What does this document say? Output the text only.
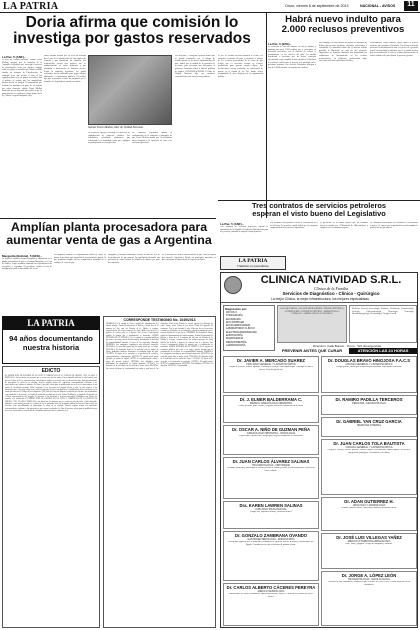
LA PATRIA	Oruro, viernes 6 de septiembre de 2013	NACIONAL - AVISOS	11
Doria afirma que comisión lo
investiga por gastos reservados
La Paz, 5 (ANF).-
El líder de Unidad Nacional, Samuel Doria Medina, aseguró que la comisión de la Asamblea Legislativa que investiga el proceso de privatización tiene por objetivo indagar sobre los gastos reservados que habría recibido cuando fue ministro de Planificación. La comisión tiene que revisar el caso de las capitalizaciones y no de gastos reservados, dijo el político al señalar que los asambleístas buscan afectar su imagen. El sobresueldo que recibían los ministros era parte de un sistema que todos conocían, añadió. Doria Medina manifestó que no hay nada que ocultar y que su participación en el gobierno estuvo dentro de la ley. Vamos a seguir trabajando, dijo.
Samuel Doria Medina, líder de Unidad Nacional.
Doria Medina recordó que en 2006 fue acusado por el caso de la privatización de una empresa de cemento y que finalmente fue absuelto. Los sobresueldos fueron una práctica que se institucionalizó en varios gobiernos y que alcanzaba a funcionarios de distintos niveles. Según la comisión legislativa, los gastos reservados fueron utilizados para pagar salarios adicionales a funcionarios públicos. El político dijo que responderá a todas las preguntas que le formulen los legisladores cuando sea citado.
La comisión especial investiga los procesos de capitalización de empresas estatales. Los legisladores oficialistas anunciaron que convocarán a ex autoridades para que expliquen su participación en esos procesos.
La Asamblea Legislativa aprobó la conformación de la comisión a principios de año. Doria Medina señaló que el oficialismo busca desgastar a la oposición de cara a las elecciones generales.
Por otra parte, el dirigente opositor afirmó que su partido continuará con el trabajo de fortalecimiento en los nueve departamentos del país. Indicó que la unidad de la oposición es necesaria para presentar una alternativa al gobierno. Asimismo criticó la falta de políticas de empleo. CONVERSACIONES. El líder de Unidad Nacional dijo que mantiene conversaciones con otras fuerzas políticas.
El jefe de Unidad Nacional también se refirió a la situación económica del país y cuestionó el manejo de los recursos provenientes de la venta de gas. Señaló que es necesario invertir en sectores productivos para generar empleo digno. Las declaraciones fueron realizadas en conferencia de prensa en la ciudad de La Paz, donde estuvo acompañado de otros dirigentes de su organización política.
Habrá nuevo indulto para
2.000 reclusos preventivos
La Paz, 5 (EFE).-
El Gobierno de Bolivia anunció un nuevo indulto y amnistía para unos 2.000 reclusos que se encuentran en detención preventiva, con el objetivo de reducir el hacinamiento en las cárceles del país. La medida beneficiará a personas que no tienen sentencia ejecutoriada y que cumplan ciertos requisitos. El ministro de Gobierno explicó que el decreto será aprobado en las próximas semanas. Las cárceles bolivianas albergan a más de 14.000 internos, la mayoría sin condena.
Sin embargo, los beneficiarios no podrán ser acusados de delitos graves como asesinato, violación, narcotráfico o corrupción. La autoridad señaló que el anterior indulto permitió la liberación de más de mil personas. Organismos de derechos humanos han denunciado las condiciones de hacinamiento en los recintos penitenciarios. La población penitenciaria sigue creciendo cada año según datos oficiales.
Gobernadores, Carlos Romero, quien explicó el decreto supremo que otorgaba el beneficio. Los reclusos deberán presentar la documentación ante los jueces de ejecución penal. Las autoridades indicaron que se ejecutará un plan para la construcción de nuevos centros penitenciarios en varias ciudades del país durante la presente gestión.
Tres contratos de servicios petroleros
esperan el visto bueno del Legislativo
La Paz, 5 (ANF).-
Tres contratos de servicios petroleros esperan la aprobación de la Asamblea Legislativa Plurinacional para su ejecución, informó la empresa estatal petrolera.
Los contratos corresponden a áreas de exploración en el sur del país. La petrolera estatal indicó que las empresas comprometieron inversiones importantes.
El presidente de la estatal explicó que los contratos fueron revisados por el Ministerio de Hidrocarburos y cumplen con la normativa vigente.
La Asamblea deberá tratar los contratos en las próximas sesiones. Se espera que la aprobación permita ampliar la producción de gas natural.
LA PATRIA
Tradición en periodismo
Amplían planta procesadora para
aumentar venta de gas a Argentina
Margarita (Bolivia), 5 (EFE).-
La petrolera española Repsol inauguró la ampliación de la planta procesadora de gas en el campo Margarita, en el sur de Bolivia, lo que permitirá aumentar las exportaciones del energético a Argentina. El presidente asistió al acto de inauguración junto a autoridades del sector.
de Margarita, situado en el departamento sureño de Tarija. La planta tiene ahora una capacidad de procesamiento mayor, lo que permitirá cumplir con los compromisos asumidos en el contrato de venta de gas.
Margarita y Huacaya contribuyen al tener de más del 30% de la producción de gas natural. La ampliación demandó una inversión de varios cientos de millones de dólares por parte del consorcio.
en 32 millones de metros cúbicos diarios de gas. Bolivia exporta gas natural a Argentina y Brasil, sus principales mercados, lo que representa la mayor fuente de ingresos del país.
LA PATRIA
94 años documentando
nuestra historia
EDICTO
EL SEÑOR JUEZ DE PARTIDO EN LO CIVIL Y COMERCIAL DE LA CIUDAD DE ORURO, CITA, LLAMA Y EMPLAZA a los herederos y/o personas que se crean con derecho sobre el bien inmueble ubicado en esta ciudad, para que en el plazo de ley se apersonen ante este despacho judicial a efectos de hacer valer sus derechos, bajo apercibimiento de proseguirse la causa en su rebeldía. Proceso seguido dentro del expediente correspondiente conforme a los antecedentes que cursan en obrados. Se libra el presente edicto para su publicación por tres veces consecutivas en un medio de circulación nacional. Oruro, conforme a ley. Secretario del juzgado. Firma y sello. Se hace conocer a los interesados que el presente edicto tiene validez legal para los fines consiguientes. La publicación deberá efectuarse en la forma prevista por el Código de Procedimiento Civil. Auto de fecha que dispone la citación por edictos a los demandados cuyo domicilio se desconoce, en mérito al juramento prestado por la parte actora. Notifíquese y cúmplase. Registrado en el libro correspondiente del juzgado. Se previene a los herederos y terceros interesados. Publíquese por edictos de acuerdo a lo establecido. EL SEÑOR JUEZ DE PARTIDO EN LO CIVIL Y COMERCIAL DE LA CIUDAD DE ORURO, CITA, LLAMA Y EMPLAZA a los herederos y/o personas que se crean con derecho sobre el bien inmueble ubicado en esta ciudad, para que en el plazo de ley se apersonen ante este despacho judicial a efectos de hacer valer sus derechos, bajo apercibimiento de proseguirse la causa en su rebeldía. Proceso seguido dentro del expediente correspondiente conforme a los antecedentes que cursan en obrados. Se libra el presente edicto para su publicación por tres veces consecutivas en un medio de circulación nacional. Oruro, conforme a ley.
CORRESPONDE TESTIMONIO No. 1049/2013
NÚMERO: En la ciudad de Oruro, capital del departamento del mismo nombre, Estado Plurinacional de Bolivia, a horas diez de la mañana del día, ante mí Notario de Fe Pública y testigos, comparecieron los señores mayores de edad, hábiles por derecho, a quienes de conocer doy fe y dijeron: Que elevan a instrumento público la minuta que a continuación se transcribe. SEÑOR NOTARIO DE FE PÚBLICA: En el registro de escrituras públicas que corre a su cargo, sírvase insertar una de constitución de sociedad de responsabilidad limitada, al tenor de las siguientes cláusulas. PRIMERA: Los otorgantes constituyen una sociedad comercial. SEGUNDA: La sociedad girará bajo la razón social que se indica. TERCERA: El domicilio legal de la sociedad será la ciudad de Oruro, pudiendo establecer sucursales en cualquier lugar del país. CUARTA: El objeto de la sociedad es la prestación de servicios, comercialización e importación. QUINTA: El capital social queda dividido en cuotas de capital. SEXTA: La administración estará a cargo del gerente general. SÉPTIMA: Las utilidades serán distribuidas en proporción al capital aportado. OCTAVA: La duración de la sociedad será de noventa y nueve años. NOVENA: Los socios declaran su conformidad con todas y cada una de las cláusulas. Usted señor Notario se servirá agregar las cláusulas de estilo. Oruro, fecha. Firma de los socios. Firma del abogado. Es conforme. Con lo que terminó el acto, leída que les fue la presente escritura se ratificaron en su contenido y firmaron juntamente con el suscrito Notario de lo que doy fe. NÚMERO: En la ciudad de Oruro, capital del departamento del mismo nombre, Estado Plurinacional de Bolivia, a horas diez de la mañana del día, ante mí Notario de Fe Pública y testigos, comparecieron los señores mayores de edad, hábiles por derecho, a quienes de conocer doy fe y dijeron: Que elevan a instrumento público la minuta que a continuación se transcribe. SEÑOR NOTARIO DE FE PÚBLICA: En el registro de escrituras públicas que corre a su cargo, sírvase insertar una de constitución de sociedad de responsabilidad limitada. PRIMERA: Los otorgantes constituyen una sociedad comercial. SEGUNDA: La sociedad girará bajo la razón social. TERCERA: El domicilio legal de la sociedad será la ciudad de Oruro. CUARTA: El objeto de la sociedad es la prestación de servicios. QUINTA: El capital social. SEXTA: La administración. SÉPTIMA: Las utilidades. OCTAVA: La duración. NOVENA: Conformidad.
CLINICA NATIVIDAD S.R.L.
Clínica de la Familia
Servicios de Diagnóstico - Clínico - Quirúrgico
La mejor Clínica, la mejor infraestructura, los mejores especialistas
Diagnóstico por:
RAYOS X
TOMOGRAFÍA
ECOGRAFÍA
ECO DOPPLER
ECOCARDIOGRAMA
LABORATORIO CLÍNICO
ELECTROCARDIOGRAMA
ENDOSCOPÍA
MAMOGRAFÍA
DENSITOMETRÍA
LAPAROSCOPÍA
SALA DE PARTOS - SALA DE OPERACIONES - TERAPIA INTENSIVA - INTERNACIÓN - CONSULTA EXTERNA - EMERGENCIAS - FARMACIA - AMBULANCIA LAS 24 HORAS
Medicina General, Ginecología, Pediatría, Cardiología, Traumatología, Urología, Gastroenterología, Neurología, Nefrología, Otorrinolaringología, Dermatología, Cirugía General
Dirección: Calle Bolívar - Oruro · Telf. Emergencias
PREVENIR ANTES QUE CURAR	ATENCIÓN LAS 24 HORAS
Dr. JAVIER A. MERCADO SUAREZ
CIRUJANO GENERAL Y LAPAROSCÓPICO
Cirugía de vesícula, hernias, apéndice, estómago y colon por videolaparoscopía. Consultas de lunes a viernes. Atención previa cita.
Dr. J. ELMER BALDERRAMA C.
MÉDICO GINECÓLOGO OBSTETRA
Control prenatal, parto, cesárea, ecografía obstétrica. Consultorio en la clínica.
Dr. OSCAR A. NIÑO DE GUZMAN PEÑA
GINECÓLOGO OBSTETRA - ONCOLOGÍA
Colposcopía, Papanicolaou, cirugía ginecológica, tratamiento de infertilidad.
Dr. JUAN CARLOS ÁLVAREZ SALINAS
TRAUMATOLOGÍA - ORTOPEDIA
Fracturas, luxaciones, artroscopía de rodilla, prótesis de cadera y rodilla, lesiones deportivas. Atención de lunes a sábado.
Dra. KAREN LAWREN SALINAS
CIRUJANO MAXILOFACIAL
Cirugía oral, implantes dentales, fracturas faciales.
Dr. GONZALO ZAMBRANA OVANDO
GASTROENTEROLOGÍA - ENDOSCOPÍA
Endoscopía digestiva alta, colonoscopía, tratamiento de gastritis, úlceras, hepatitis y enfermedades del hígado. Consultas previa cita en horarios de mañana y tarde.
Dr. CARLOS ALBERTO CÁCERES PEREYRA
MÉDICO NEFRÓLOGO
Enfermedades del riñón, hemodiálisis, hipertensión arterial, diabetes. Atención en la clínica de lunes a viernes.
Dr. DOUGLAS BRAVO HINOJOSA F.A.C.S
CIRUGÍA GENERAL Y LAPAROSCÓPICA
Cirugía general, oncológica y laparoscópica avanzada. Especialista certificado.
Dr. RAMIRO PADILLA TERCEROS
PEDIATRA - NEONATÓLOGO
Dr. GABRIEL YAN CRUZ GARCIA
MEDICINA INTERNA
Dr. JUAN CARLOS TOLA BAUTISTA
CIRUGÍA GENERAL Y LAPAROSCÓPICA
Cirugía de vesícula, hernias, apéndice, tiroides, mama. Procedimientos laparoscópicos. Atención de emergencias quirúrgicas. Consultorio en la clínica.
Dr. ADAN GUTIERREZ H.
UROLOGÍA Y ANDROLOGÍA
Próstata, cálculos renales, infecciones urinarias, disfunción eréctil.
Dr. JOSÉ LUIS VILLEGAS YAÑEZ
MÉDICO OTORRINOLARINGÓLOGO
Oído, nariz y garganta. Cirugía de amígdalas y sinusitis.
Dr. JORGE A. LÓPEZ LEÓN
TRAUMATOLOGÍA - MAXILO FACIAL
Fracturas de cara, mandíbula y columna. Lunes a viernes de 18:00 a 20:00. Atención previa cita en consultorio.
